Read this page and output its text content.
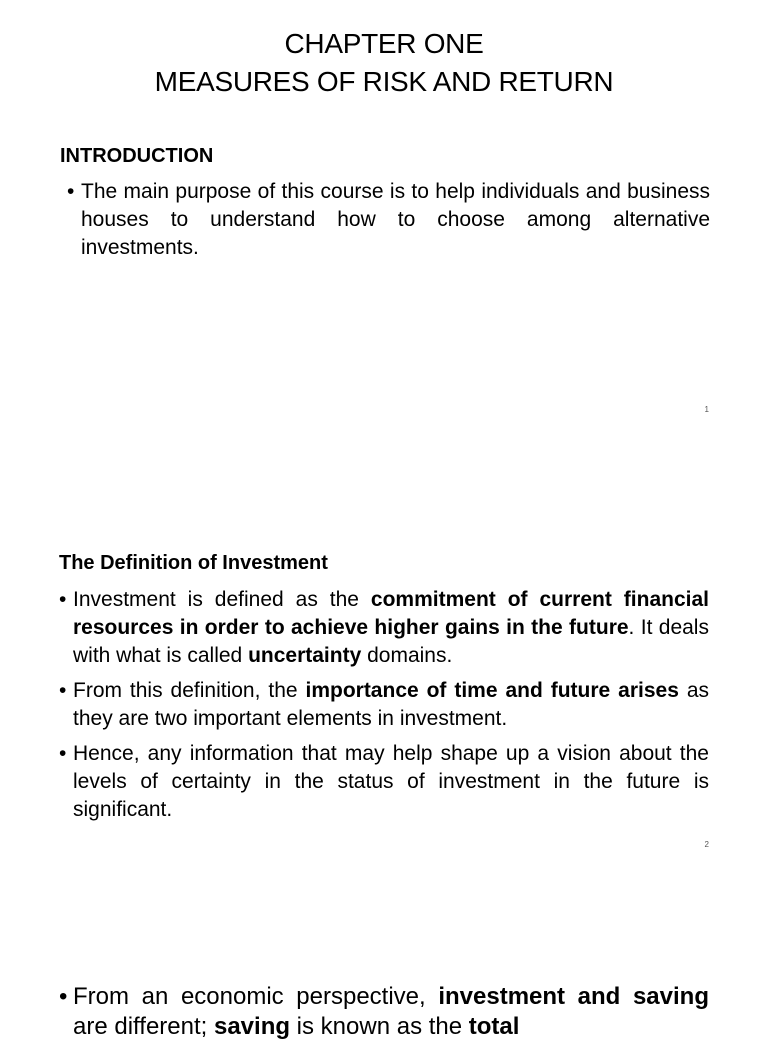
CHAPTER ONE
MEASURES OF RISK AND RETURN
INTRODUCTION
• The main purpose of this course is to help individuals and business houses to understand how to choose among alternative investments.
1
The Definition of Investment
• Investment is defined as the commitment of current financial resources in order to achieve higher gains in the future. It deals with what is called uncertainty domains.
• From this definition, the importance of time and future arises as they are two important elements in investment.
• Hence, any information that may help shape up a vision about the levels of certainty in the status of investment in the future is significant.
2
• From an economic perspective, investment and saving are different; saving is known as the total
